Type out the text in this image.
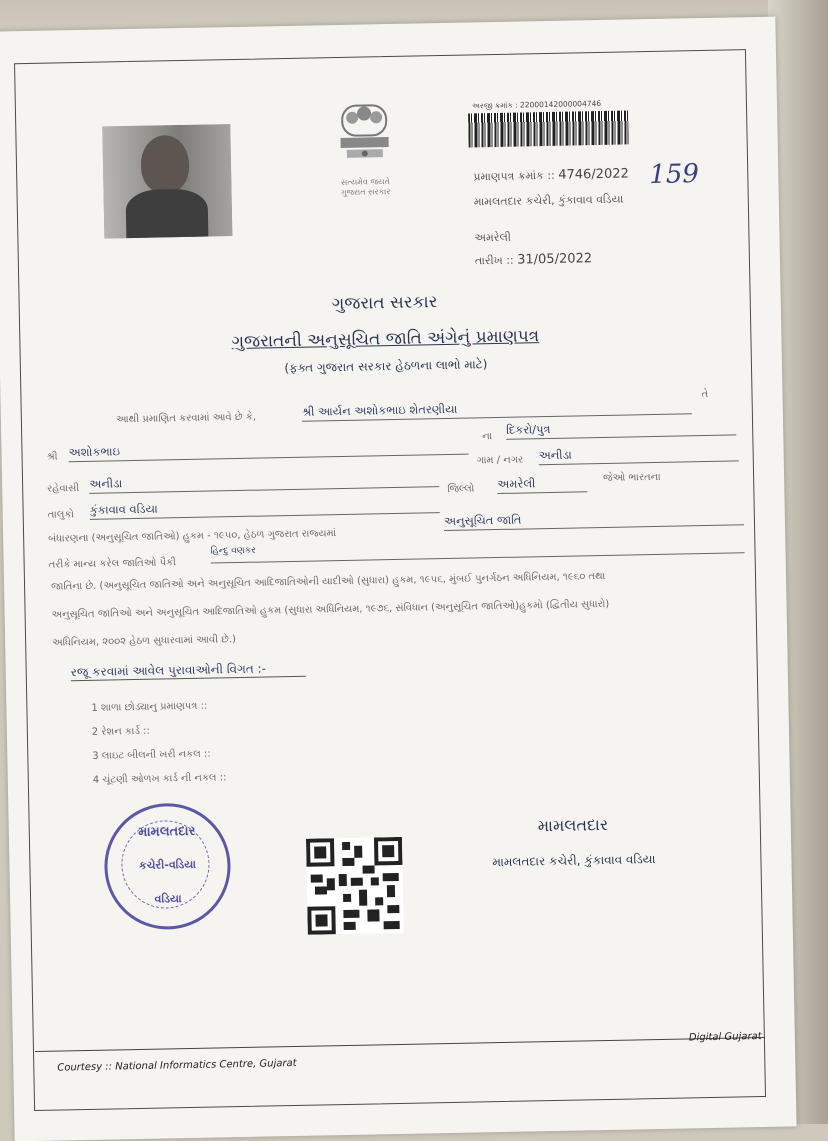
સત્યમેવ જયતે
ગુજરાત સરકાર
અરજી ક્રમાંક : 22000142000004746
પ્રમાણપત્ર ક્રમાંક :: 4746/2022 159
મામલતદાર કચેરી, કુંકાવાવ વડિયા
અમરેલી
તારીખ :: 31/05/2022
ગુજરાત સરકાર
ગુજરાતની અનુસૂચિત જાતિ અંગેનું પ્રમાણપત્ર
(ફક્ત ગુજરાત સરકાર હેઠળના લાભો માટે)
આથી પ્રમાણિત કરવામાં આવે છે કે,	શ્રી આર્યન અશોકભાઇ શેતરણીયા
તે
શ્રી અશોકભાઇ
ના દિકરો/પુત્ર
ગામ / નગર અનીડા
રહેવાસી અનીડા	જિલ્લો અમરેલી	જેઓ ભારતના
તાલુકો કુંકાવાવ વડિયા
બંધારણના (અનુસૂચિત જાતિઓ) હુકમ - ૧૯૫૦, હેઠળ ગુજરાત રાજ્યમાં
અનુસૂચિત જાતિ
તરીકે માન્ય કરેલ જાતિઓ પૈકી
હિન્દુ વણકર
જાતિના છે. (અનુસૂચિત જાતિઓ અને અનુસૂચિત આદિજાતિઓની યાદીઓ (સુધારા) હુકમ, ૧૯૫૬, મુંબઈ પુનર્ગઠન અધિનિયમ, ૧૯૬૦ તથા
અનુસૂચિત જાતિઓ અને અનુસૂચિત આદિજાતિઓ હુકમ (સુધારા અધિનિયમ, ૧૯૭૬, સંવિધાન (અનુસૂચિત જાતિઓ)હુકમો (દ્વિતીય સુધારો)
અધિનિયમ, ૨૦૦૨ હેઠળ સુધારવામાં આવી છે.)
રજૂ કરવામાં આવેલ પુરાવાઓની વિગત :-
1 શાળા છોડ્યાનુ પ્રમાણપત્ર ::
2 રેશન કાર્ડ ::
3 લાઇટ બીલની ખરી નકલ ::
4 ચૂંટણી ઓળખ કાર્ડ ની નકલ ::
મામલતદાર
કચેરી-વડિયા
વડિયા
મામલતદાર
મામલતદાર કચેરી, કુંકાવાવ વડિયા
Courtesy :: National Informatics Centre, Gujarat
Digital Gujarat
